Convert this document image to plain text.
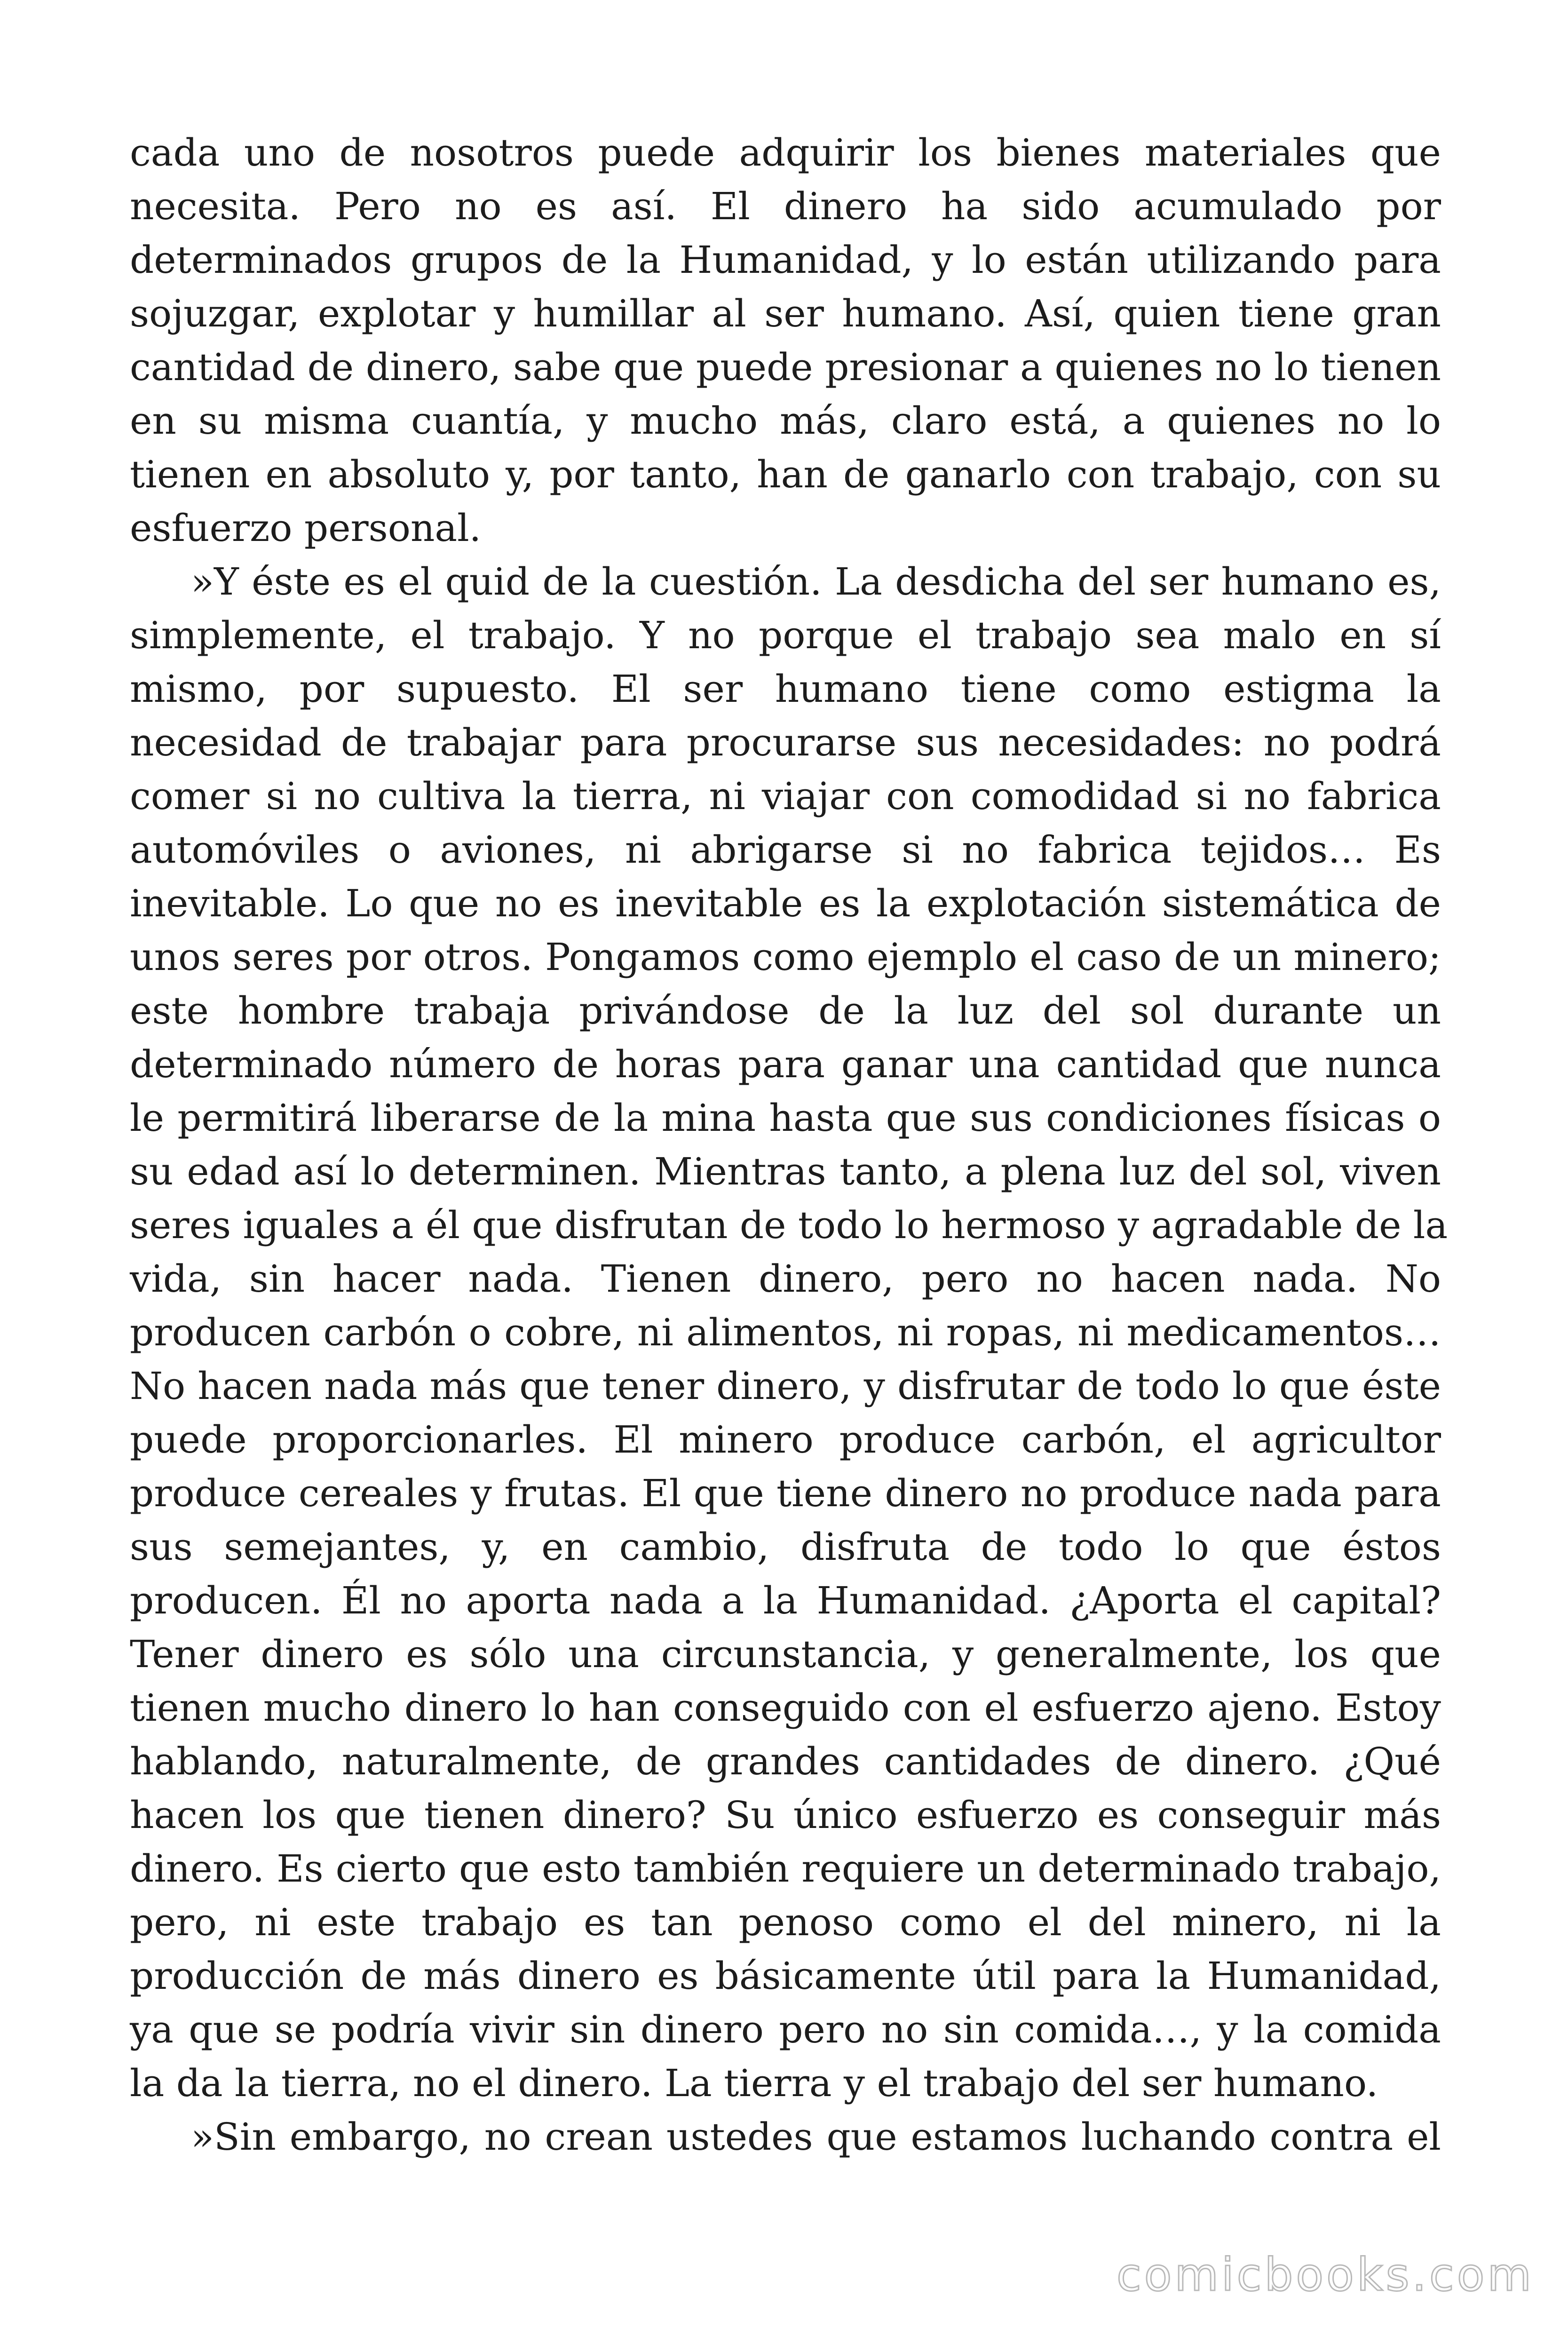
cada uno de nosotros puede adquirir los bienes materiales que
necesita. Pero no es así. El dinero ha sido acumulado por
determinados grupos de la Humanidad, y lo están utilizando para
sojuzgar, explotar y humillar al ser humano. Así, quien tiene gran
cantidad de dinero, sabe que puede presionar a quienes no lo tienen
en su misma cuantía, y mucho más, claro está, a quienes no lo
tienen en absoluto y, por tanto, han de ganarlo con trabajo, con su
esfuerzo personal.
»Y éste es el quid de la cuestión. La desdicha del ser humano es,
simplemente, el trabajo. Y no porque el trabajo sea malo en sí
mismo, por supuesto. El ser humano tiene como estigma la
necesidad de trabajar para procurarse sus necesidades: no podrá
comer si no cultiva la tierra, ni viajar con comodidad si no fabrica
automóviles o aviones, ni abrigarse si no fabrica tejidos… Es
inevitable. Lo que no es inevitable es la explotación sistemática de
unos seres por otros. Pongamos como ejemplo el caso de un minero;
este hombre trabaja privándose de la luz del sol durante un
determinado número de horas para ganar una cantidad que nunca
le permitirá liberarse de la mina hasta que sus condiciones físicas o
su edad así lo determinen. Mientras tanto, a plena luz del sol, viven
seres iguales a él que disfrutan de todo lo hermoso y agradable de la
vida, sin hacer nada. Tienen dinero, pero no hacen nada. No
producen carbón o cobre, ni alimentos, ni ropas, ni medicamentos…
No hacen nada más que tener dinero, y disfrutar de todo lo que éste
puede proporcionarles. El minero produce carbón, el agricultor
produce cereales y frutas. El que tiene dinero no produce nada para
sus semejantes, y, en cambio, disfruta de todo lo que éstos
producen. Él no aporta nada a la Humanidad. ¿Aporta el capital?
Tener dinero es sólo una circunstancia, y generalmente, los que
tienen mucho dinero lo han conseguido con el esfuerzo ajeno. Estoy
hablando, naturalmente, de grandes cantidades de dinero. ¿Qué
hacen los que tienen dinero? Su único esfuerzo es conseguir más
dinero. Es cierto que esto también requiere un determinado trabajo,
pero, ni este trabajo es tan penoso como el del minero, ni la
producción de más dinero es básicamente útil para la Humanidad,
ya que se podría vivir sin dinero pero no sin comida…, y la comida
la da la tierra, no el dinero. La tierra y el trabajo del ser humano.
»Sin embargo, no crean ustedes que estamos luchando contra el
comicbooks.com
